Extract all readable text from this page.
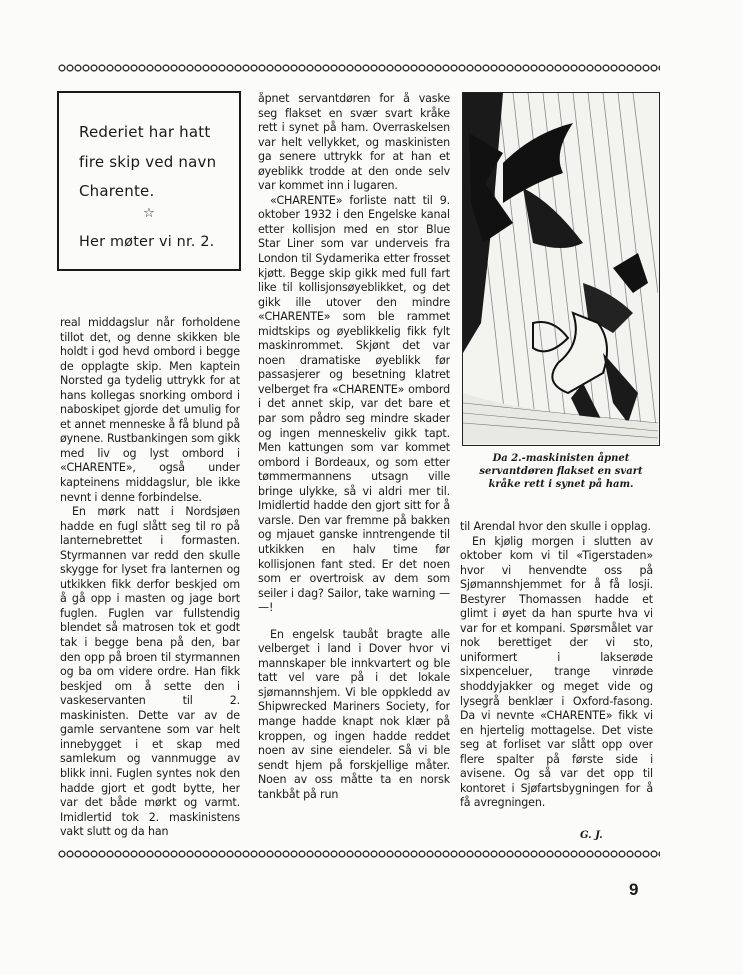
Rederiet har hatt
fire skip ved navn
Charente.
☆
Her møter vi nr. 2.

real middagslur når forholdene tillot det, og denne skikken ble holdt i god hevd ombord i begge de opplagte skip. Men kaptein Norsted ga tydelig uttrykk for at hans kollegas snorking ombord i naboskipet gjorde det umulig for et annet menneske å få blund på øynene. Rustbankingen som gikk med liv og lyst ombord i «CHARENTE», også under kapteinens middagslur, ble ikke nevnt i denne forbindelse.

En mørk natt i Nordsjøen hadde en fugl slått seg til ro på lanternebrettet i formasten. Styrmannen var redd den skulle skygge for lyset fra lanternen og utkikken fikk derfor beskjed om å gå opp i masten og jage bort fuglen. Fuglen var fullstendig blendet så matrosen tok et godt tak i begge bena på den, bar den opp på broen til styrmannen og ba om videre ordre. Han fikk beskjed om å sette den i vaskeservanten til 2. maskinisten. Dette var av de gamle servantene som var helt innebygget i et skap med samlekum og vannmugge av blikk inni. Fuglen syntes nok den hadde gjort et godt bytte, her var det både mørkt og varmt. Imidlertid tok 2. maskinistens vakt slutt og da han

åpnet servantdøren for å vaske seg flakset en svær svart kråke rett i synet på ham. Overraskelsen var helt vellykket, og maskinisten ga senere uttrykk for at han et øyeblikk trodde at den onde selv var kommet inn i lugaren.

«CHARENTE» forliste natt til 9. oktober 1932 i den Engelske kanal etter kollisjon med en stor Blue Star Liner som var underveis fra London til Sydamerika etter frosset kjøtt. Begge skip gikk med full fart like til kollisjonsøyeblikket, og det gikk ille utover den mindre «CHARENTE» som ble rammet midtskips og øyeblikkelig fikk fylt maskinrommet. Skjønt det var noen dramatiske øyeblikk før passasjerer og besetning klatret velberget fra «CHARENTE» ombord i det annet skip, var det bare et par som pådro seg mindre skader og ingen menneskeliv gikk tapt. Men kattungen som var kommet ombord i Bordeaux, og som etter tømmermannens utsagn ville bringe ulykke, så vi aldri mer til. Imidlertid hadde den gjort sitt for å varsle. Den var fremme på bakken og mjauet ganske inntrengende til utkikken en halv time før kollisjonen fant sted. Er det noen som er overtroisk av dem som seiler i dag? Sailor, take warning — —!

En engelsk taubåt bragte alle velberget i land i Dover hvor vi mannskaper ble innkvartert og ble tatt vel vare på i det lokale sjømannshjem. Vi ble oppkledd av Shipwrecked Mariners Society, for mange hadde knapt nok klær på kroppen, og ingen hadde reddet noen av sine eiendeler. Så vi ble sendt hjem på forskjellige måter. Noen av oss måtte ta en norsk tankbåt på run

Da 2.-maskinisten åpnet servantdøren flakset en svart kråke rett i synet på ham.

til Arendal hvor den skulle i opplag.

En kjølig morgen i slutten av oktober kom vi til «Tigerstaden» hvor vi henvendte oss på Sjømannshjemmet for å få losji. Bestyrer Thomassen hadde et glimt i øyet da han spurte hva vi var for et kompani. Spørsmålet var nok berettiget der vi sto, uniformert i lakserøde sixpenceluer, trange vinrøde shoddyjakker og meget vide og lysegrå benklær i Oxford-fasong. Da vi nevnte «CHARENTE» fikk vi en hjertelig mottagelse. Det viste seg at forliset var slått opp over flere spalter på første side i avisene. Og så var det opp til kontoret i Sjøfartsbygningen for å få avregningen.

G. J.
9
